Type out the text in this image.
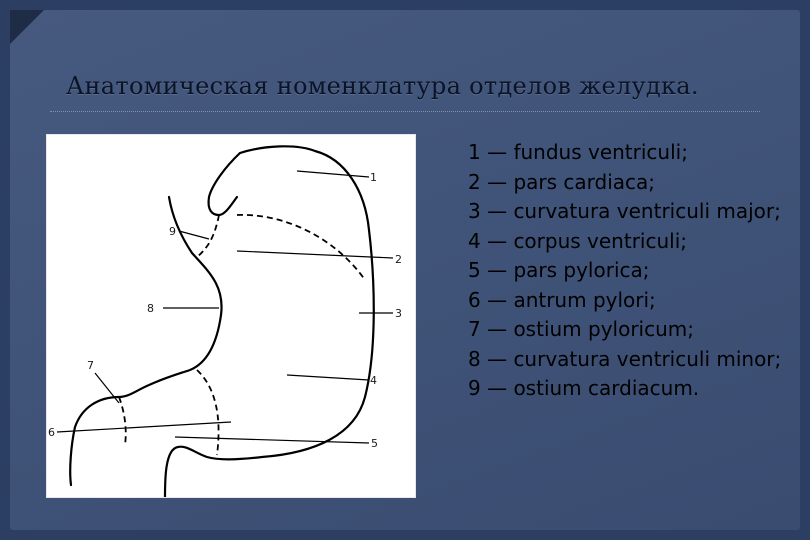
Анатомическая номенклатура отделов желудка.
1
2
3
4
5
6
7
8
9
1 — fundus ventriculi;
2 — pars cardiaca;
3 — curvatura ventriculi major;
4 — corpus ventriculi;
5 — pars pylorica;
6 — antrum pylori;
7 — ostium pyloricum;
8 — curvatura ventriculi minor;
9 — ostium cardiacum.
